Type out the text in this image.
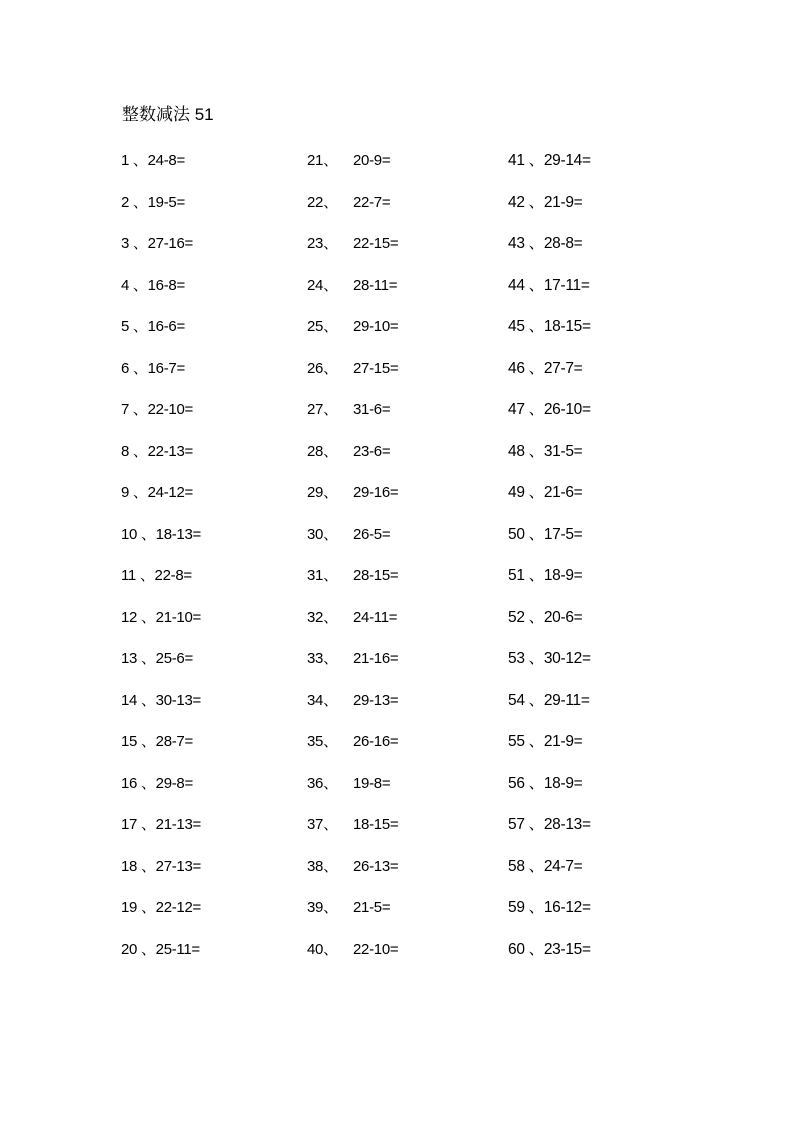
整数减法 51
1 、24-8=
2 、19-5=
3 、27-16=
4 、16-8=
5 、16-6=
6 、16-7=
7 、22-10=
8 、22-13=
9 、24-12=
10 、18-13=
11 、22-8=
12 、21-10=
13 、25-6=
14 、30-13=
15 、28-7=
16 、29-8=
17 、21-13=
18 、27-13=
19 、22-12=
20 、25-11=
21、 20-9=
22、 22-7=
23、 22-15=
24、 28-11=
25、 29-10=
26、 27-15=
27、 31-6=
28、 23-6=
29、 29-16=
30、 26-5=
31、 28-15=
32、 24-11=
33、 21-16=
34、 29-13=
35、 26-16=
36、 19-8=
37、 18-15=
38、 26-13=
39、 21-5=
40、 22-10=
41 、29-14=
42 、21-9=
43 、28-8=
44 、17-11=
45 、18-15=
46 、27-7=
47 、26-10=
48 、31-5=
49 、21-6=
50 、17-5=
51 、18-9=
52 、20-6=
53 、30-12=
54 、29-11=
55 、21-9=
56 、18-9=
57 、28-13=
58 、24-7=
59 、16-12=
60 、23-15=
